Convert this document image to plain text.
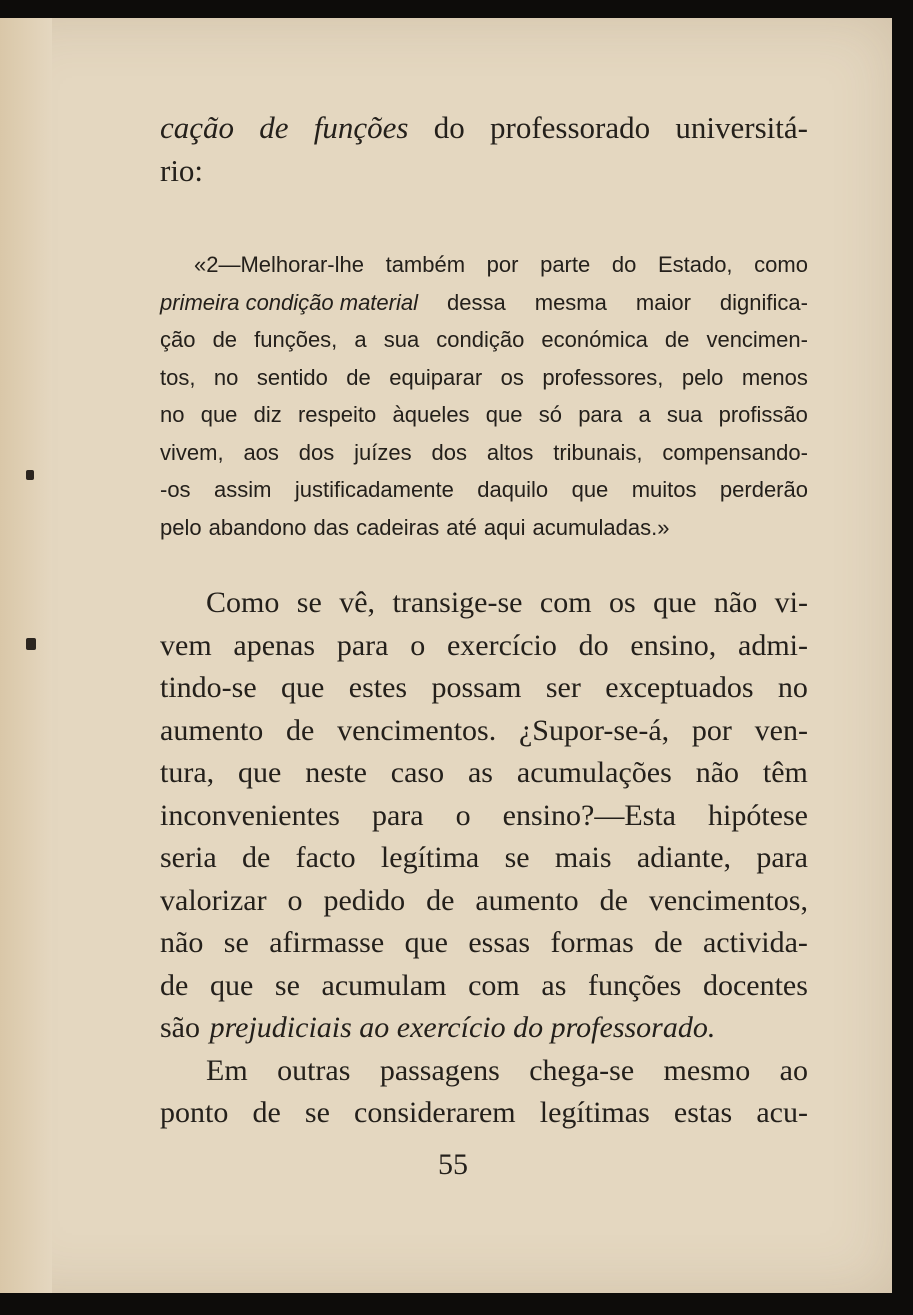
cação de funções do professorado universitá-
rio:
«2—Melhorar-lhe também por parte do Estado, como
primeira condição material dessa mesma maior dignifica-
ção de funções, a sua condição económica de vencimen-
tos, no sentido de equiparar os professores, pelo menos
no que diz respeito àqueles que só para a sua profissão
vivem, aos dos juízes dos altos tribunais, compensando-
-os assim justificadamente daquilo que muitos perderão
pelo abandono das cadeiras até aqui acumuladas.»
Como se vê, transige-se com os que não vi-
vem apenas para o exercício do ensino, admi-
tindo-se que estes possam ser exceptuados no
aumento de vencimentos. ¿Supor-se-á, por ven-
tura, que neste caso as acumulações não têm
inconvenientes para o ensino?—Esta hipótese
seria de facto legítima se mais adiante, para
valorizar o pedido de aumento de vencimentos,
não se afirmasse que essas formas de activida-
de que se acumulam com as funções docentes
são prejudiciais ao exercício do professorado.
Em outras passagens chega-se mesmo ao
ponto de se considerarem legítimas estas acu-
55
